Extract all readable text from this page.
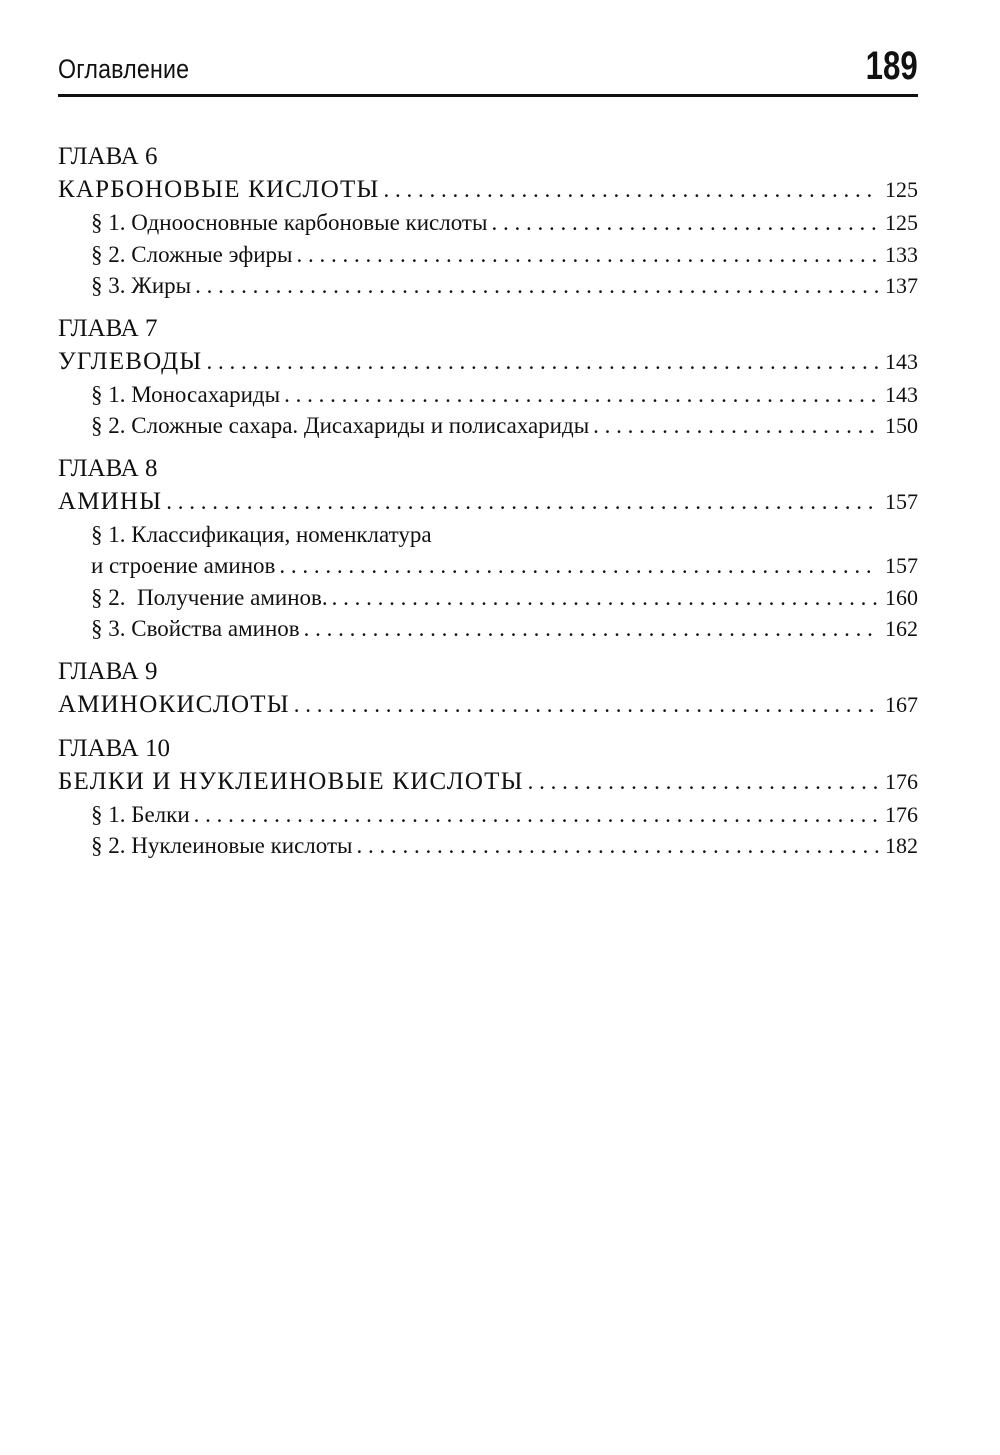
Оглавление	189
ГЛАВА 6
КАРБОНОВЫЕ КИСЛОТЫ . . .	125
§ 1. Одноосновные карбоновые кислоты . . .	125
§ 2. Сложные эфиры . . .	133
§ 3. Жиры . . .	137
ГЛАВА 7
УГЛЕВОДЫ . . .	143
§ 1. Моносахариды . . .	143
§ 2. Сложные сахара. Дисахариды и полисахариды . . .	150
ГЛАВА 8
АМИНЫ . . .	157
§ 1. Классификация, номенклатура
и строение аминов . . .	157
§ 2.  Получение аминов. . . .	160
§ 3. Свойства аминов . . .	162
ГЛАВА 9
АМИНОКИСЛОТЫ . . .	167
ГЛАВА 10
БЕЛКИ И НУКЛЕИНОВЫЕ КИСЛОТЫ . . .	176
§ 1. Белки . . .	176
§ 2. Нуклеиновые кислоты . . .	182
